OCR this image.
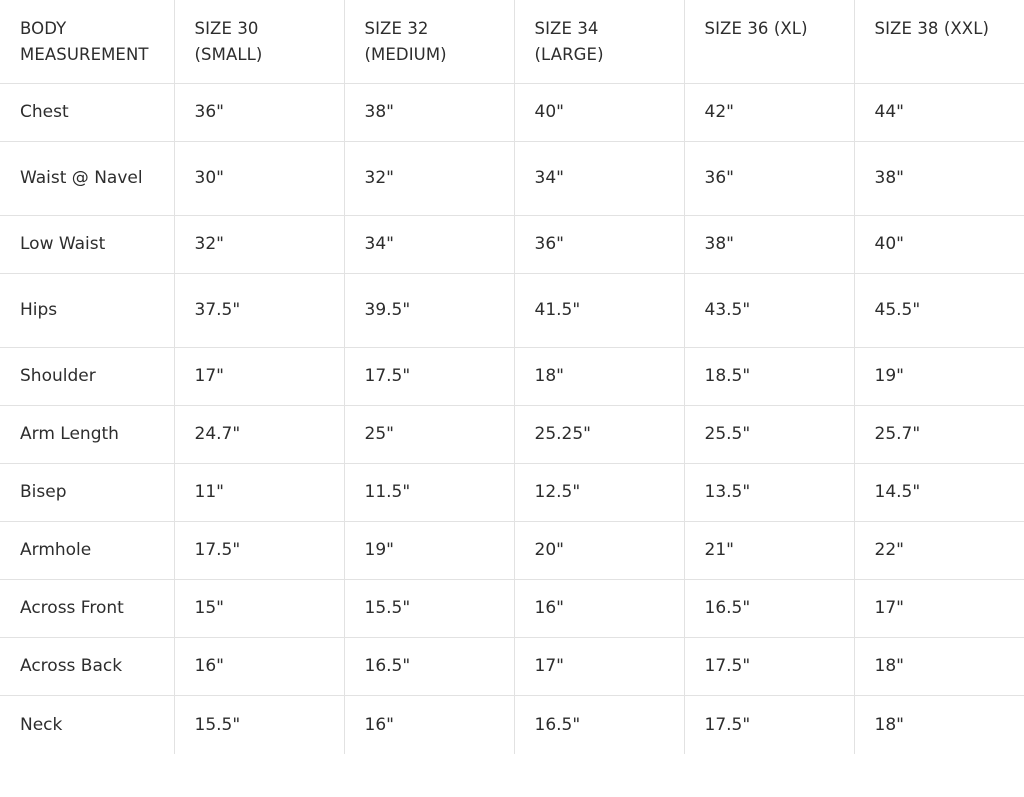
BODY MEASUREMENT	SIZE 30 (SMALL)	SIZE 32 (MEDIUM)	SIZE 34 (LARGE)	SIZE 36 (XL)	SIZE 38 (XXL)
Chest	36"	38"	40"	42"	44"
Waist @ Navel	30"	32"	34"	36"	38"
Low Waist	32"	34"	36"	38"	40"
Hips	37.5"	39.5"	41.5"	43.5"	45.5"
Shoulder	17"	17.5"	18"	18.5"	19"
Arm Length	24.7"	25"	25.25"	25.5"	25.7"
Bisep	11"	11.5"	12.5"	13.5"	14.5"
Armhole	17.5"	19"	20"	21"	22"
Across Front	15"	15.5"	16"	16.5"	17"
Across Back	16"	16.5"	17"	17.5"	18"
Neck	15.5"	16"	16.5"	17.5"	18"
